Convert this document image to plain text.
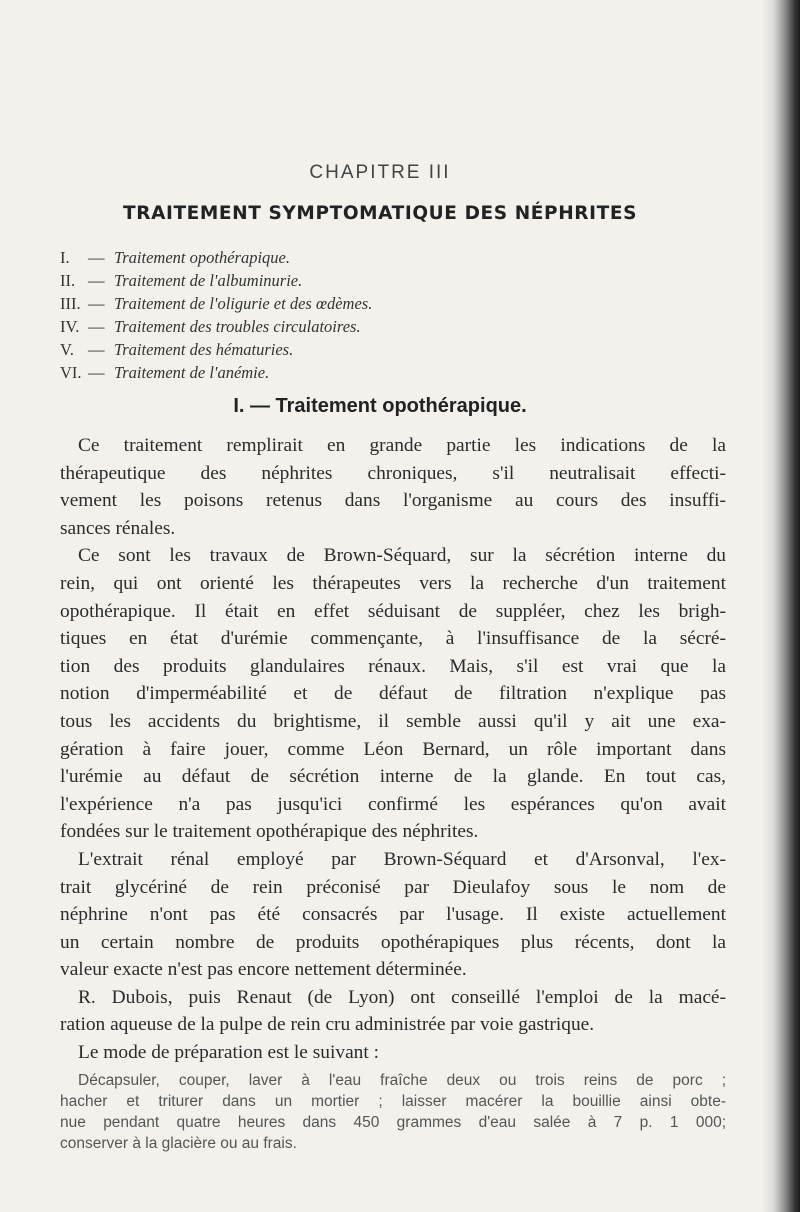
CHAPITRE III
TRAITEMENT SYMPTOMATIQUE DES NÉPHRITES
I.	— Traitement opothérapique.
II. — Traitement de l'albuminurie.
III. — Traitement de l'oligurie et des œdèmes.
IV. — Traitement des troubles circulatoires.
V. — Traitement des hématuries.
VI. — Traitement de l'anémie.
I. — Traitement opothérapique.

Ce traitement remplirait en grande partie les indications de la
thérapeutique des néphrites chroniques, s'il neutralisait effecti-
vement les poisons retenus dans l'organisme au cours des insuffi-
sances rénales.

Ce sont les travaux de Brown-Séquard, sur la sécrétion interne du
rein, qui ont orienté les thérapeutes vers la recherche d'un traitement
opothérapique. Il était en effet séduisant de suppléer, chez les brigh-
tiques en état d'urémie commençante, à l'insuffisance de la sécré-
tion des produits glandulaires rénaux. Mais, s'il est vrai que la
notion d'imperméabilité et de défaut de filtration n'explique pas
tous les accidents du brightisme, il semble aussi qu'il y ait une exa-
gération à faire jouer, comme Léon Bernard, un rôle important dans
l'urémie au défaut de sécrétion interne de la glande. En tout cas,
l'expérience n'a pas jusqu'ici confirmé les espérances qu'on avait
fondées sur le traitement opothérapique des néphrites.

L'extrait rénal employé par Brown-Séquard et d'Arsonval, l'ex-
trait glycériné de rein préconisé par Dieulafoy sous le nom de
néphrine n'ont pas été consacrés par l'usage. Il existe actuellement
un certain nombre de produits opothérapiques plus récents, dont la
valeur exacte n'est pas encore nettement déterminée.

R. Dubois, puis Renaut (de Lyon) ont conseillé l'emploi de la macé-
ration aqueuse de la pulpe de rein cru administrée par voie gastrique.

Le mode de préparation est le suivant :

Décapsuler, couper, laver à l'eau fraîche deux ou trois reins de porc ;
hacher et triturer dans un mortier ; laisser macérer la bouillie ainsi obte-
nue pendant quatre heures dans 450 grammes d'eau salée à 7 p. 1 000;
conserver à la glacière ou au frais.
